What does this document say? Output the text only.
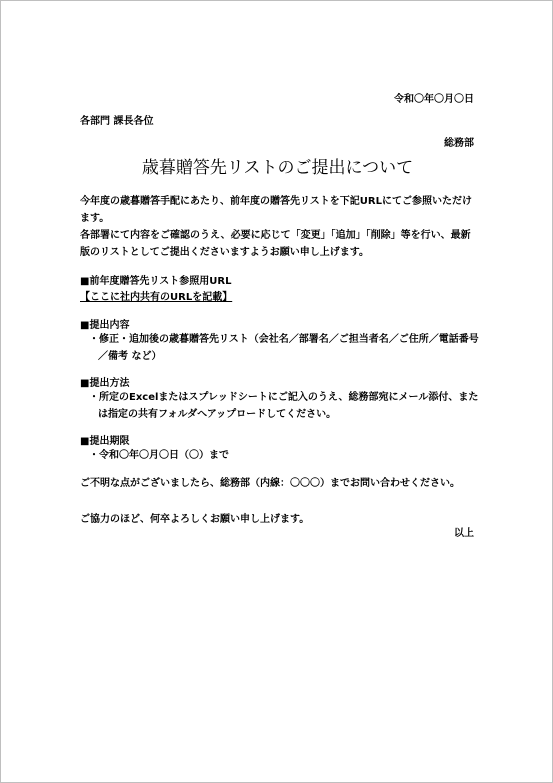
令和〇年〇月〇日
各部門 課長各位
総務部
歳暮贈答先リストのご提出について
今年度の歳暮贈答手配にあたり、前年度の贈答先リストを下記URLにてご参照いただけます。
各部署にて内容をご確認のうえ、必要に応じて「変更」「追加」「削除」等を行い、最新版のリストとしてご提出くださいますようお願い申し上げます。
■前年度贈答先リスト参照用URL
【ここに社内共有のURLを記載】
■提出内容
・修正・追加後の歳暮贈答先リスト（会社名／部署名／ご担当者名／ご住所／電話番号／備考 など）
■提出方法
・所定のExcelまたはスプレッドシートにご記入のうえ、総務部宛にメール添付、または指定の共有フォルダへアップロードしてください。
■提出期限
・令和〇年〇月〇日（〇）まで
ご不明な点がございましたら、総務部（内線：〇〇〇）までお問い合わせください。
ご協力のほど、何卒よろしくお願い申し上げます。
以上
